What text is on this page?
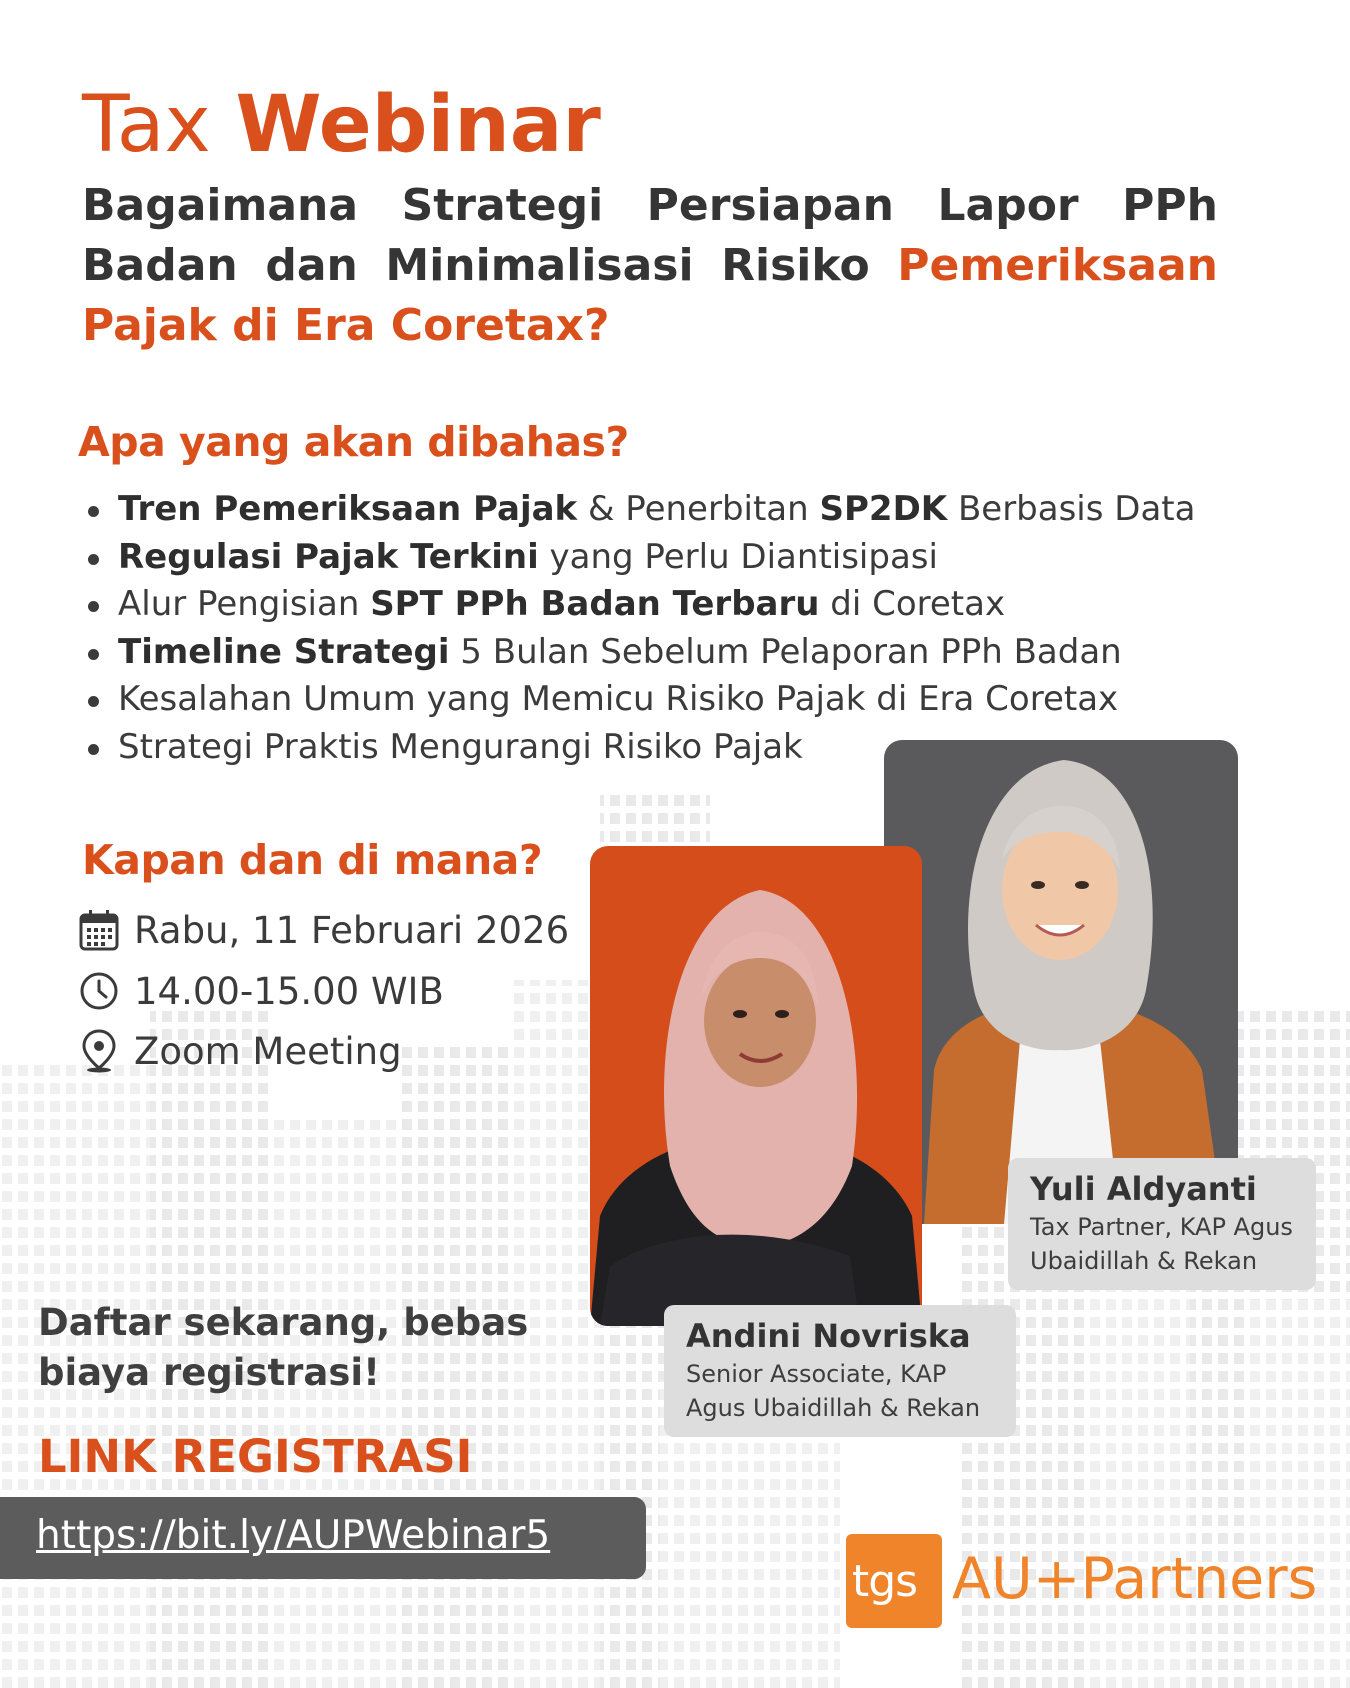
Tax Webinar
Bagaimana Strategi Persiapan Lapor PPh Badan dan Minimalisasi Risiko Pemeriksaan Pajak di Era Coretax?
Apa yang akan dibahas?
Tren Pemeriksaan Pajak & Penerbitan SP2DK Berbasis Data
Regulasi Pajak Terkini yang Perlu Diantisipasi
Alur Pengisian SPT PPh Badan Terbaru di Coretax
Timeline Strategi 5 Bulan Sebelum Pelaporan PPh Badan
Kesalahan Umum yang Memicu Risiko Pajak di Era Coretax
Strategi Praktis Mengurangi Risiko Pajak
Kapan dan di mana?
Rabu, 11 Februari 2026
14.00-15.00 WIB
Zoom Meeting
Yuli Aldyanti
Tax Partner, KAP Agus Ubaidillah & Rekan
Andini Novriska
Senior Associate, KAP Agus Ubaidillah & Rekan
Daftar sekarang, bebas biaya registrasi!
LINK REGISTRASI
https://bit.ly/AUPWebinar5
tgs AU+Partners
